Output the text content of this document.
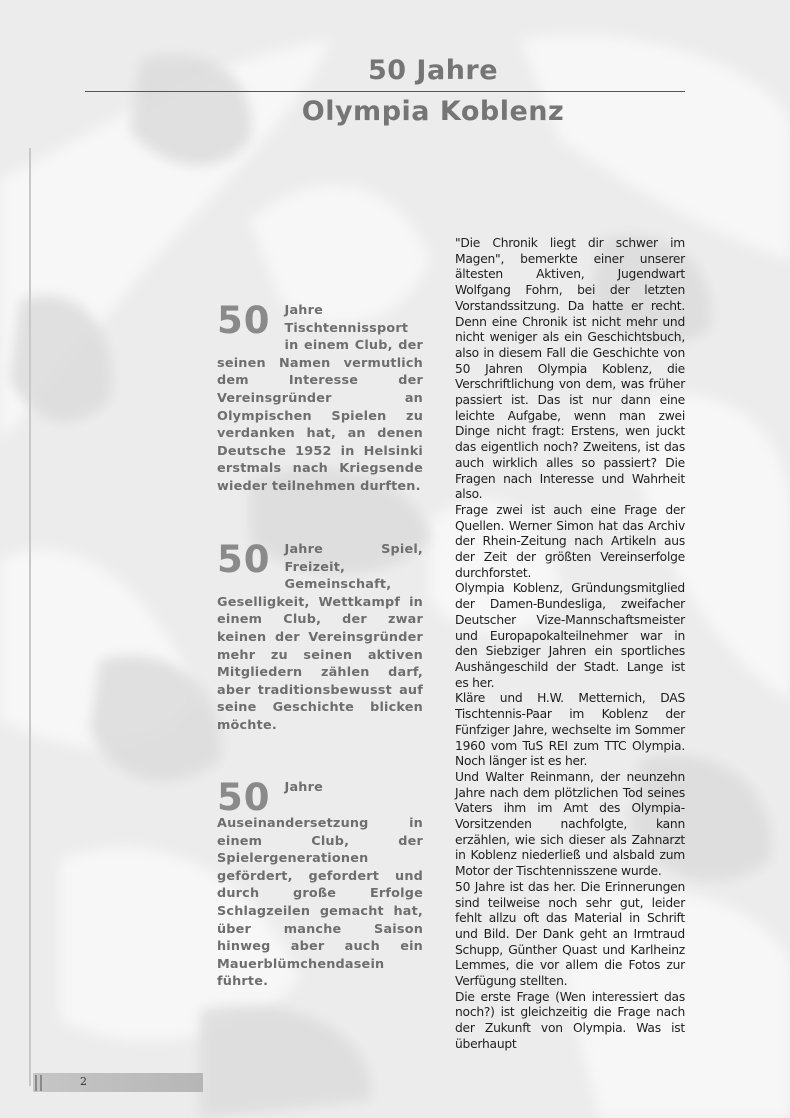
50 Jahre
Olympia Koblenz
50 Jahre Tischtennissport in einem Club, der seinen Namen vermutlich dem Interesse der Vereinsgründer an Olympischen Spielen zu verdanken hat, an denen Deutsche 1952 in Helsinki erstmals nach Kriegsende wieder teilnehmen durften.
50 Jahre Spiel, Freizeit, Gemeinschaft, Geselligkeit, Wettkampf in einem Club, der zwar keinen der Vereinsgründer mehr zu seinen aktiven Mitgliedern zählen darf, aber traditionsbewusst auf seine Geschichte blicken möchte.
50 Jahre Auseinandersetzung in einem Club, der Spielergenerationen gefördert, gefordert und durch große Erfolge Schlagzeilen gemacht hat, über manche Saison hinweg aber auch ein Mauerblümchendasein führte.

"Die Chronik liegt dir schwer im Magen", bemerkte einer unserer ältesten Aktiven, Jugendwart Wolfgang Fohrn, bei der letzten Vorstandssitzung. Da hatte er recht. Denn eine Chronik ist nicht mehr und nicht weniger als ein Geschichtsbuch, also in diesem Fall die Geschichte von 50 Jahren Olympia Koblenz, die Verschriftlichung von dem, was früher passiert ist. Das ist nur dann eine leichte Aufgabe, wenn man zwei Dinge nicht fragt: Erstens, wen juckt das eigentlich noch? Zweitens, ist das auch wirklich alles so passiert? Die Fragen nach Interesse und Wahrheit also.

Frage zwei ist auch eine Frage der Quellen. Werner Simon hat das Archiv der Rhein-Zeitung nach Artikeln aus der Zeit der größten Vereinserfolge durchforstet.

Olympia Koblenz, Gründungsmitglied der Damen-Bundesliga, zweifacher Deutscher Vize-Mannschaftsmeister und Europapokalteilnehmer war in den Siebziger Jahren ein sportliches Aushängeschild der Stadt. Lange ist es her.

Kläre und H.W. Metternich, DAS Tischtennis-Paar im Koblenz der Fünfziger Jahre, wechselte im Sommer 1960 vom TuS REI zum TTC Olympia. Noch länger ist es her.

Und Walter Reinmann, der neunzehn Jahre nach dem plötzlichen Tod seines Vaters ihm im Amt des Olympia-Vorsitzenden nachfolgte, kann erzählen, wie sich dieser als Zahnarzt in Koblenz niederließ und alsbald zum Motor der Tischtennisszene wurde.

50 Jahre ist das her. Die Erinnerungen sind teilweise noch sehr gut, leider fehlt allzu oft das Material in Schrift und Bild. Der Dank geht an Irmtraud Schupp, Günther Quast und Karlheinz Lemmes, die vor allem die Fotos zur Verfügung stellten.

Die erste Frage (Wen interessiert das noch?) ist gleichzeitig die Frage nach der Zukunft von Olympia. Was ist überhaupt

2
